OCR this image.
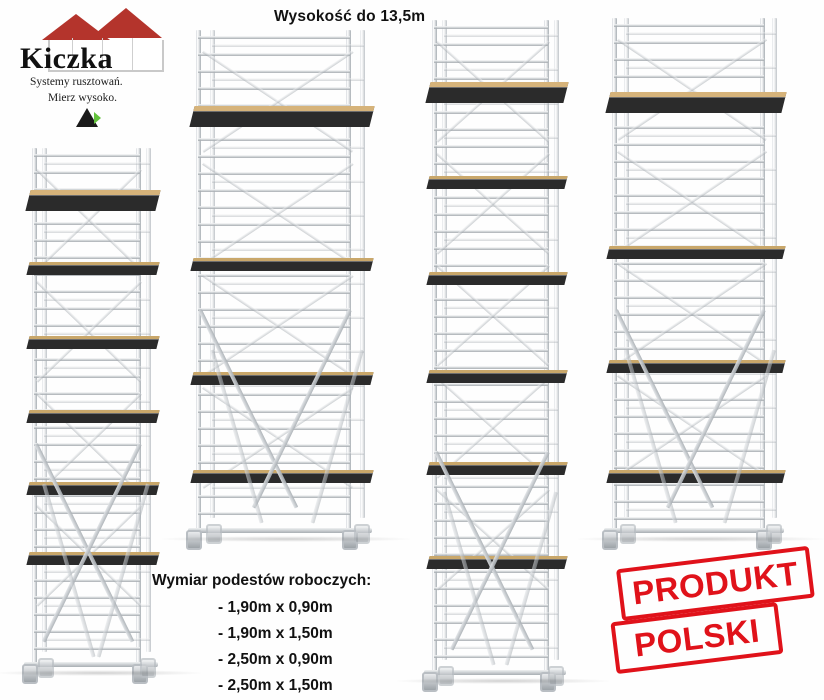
Kiczka
Systemy rusztowań.
Mierz wysoko.
Wysokość do 13,5m
Wymiar podestów roboczych:
- 1,90m x 0,90m
- 1,90m x 1,50m
- 2,50m x 0,90m
- 2,50m x 1,50m
PRODUKT
POLSKI
